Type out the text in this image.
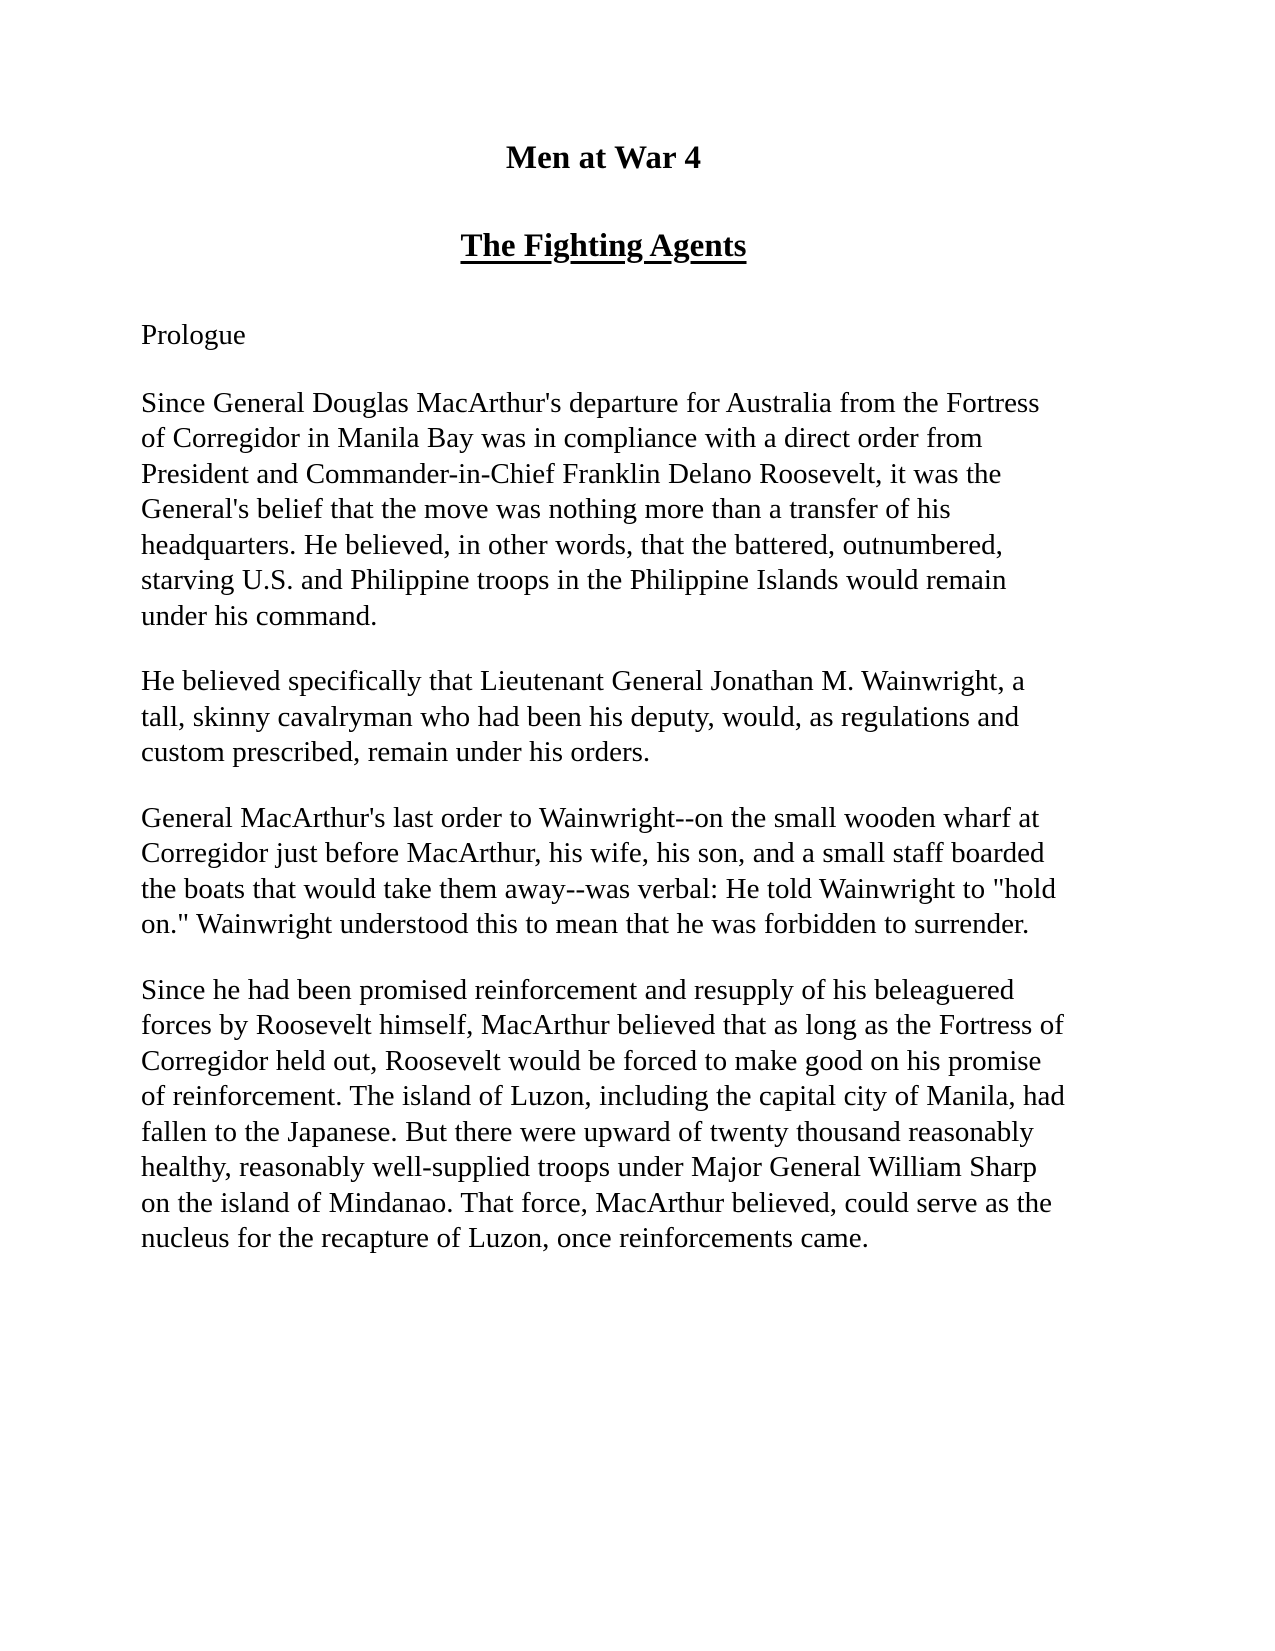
Men at War 4
The Fighting Agents

Prologue

Since General Douglas MacArthur's departure for Australia from the Fortress of Corregidor in Manila Bay was in compliance with a direct order from President and Commander-in-Chief Franklin Delano Roosevelt, it was the General's belief that the move was nothing more than a transfer of his headquarters. He believed, in other words, that the battered, outnumbered, starving U.S. and Philippine troops in the Philippine Islands would remain under his command.

He believed specifically that Lieutenant General Jonathan M. Wainwright, a tall, skinny cavalryman who had been his deputy, would, as regulations and custom prescribed, remain under his orders.

General MacArthur's last order to Wainwright--on the small wooden wharf at Corregidor just before MacArthur, his wife, his son, and a small staff boarded the boats that would take them away--was verbal: He told Wainwright to "hold on." Wainwright understood this to mean that he was forbidden to surrender.

Since he had been promised reinforcement and resupply of his beleaguered forces by Roosevelt himself, MacArthur believed that as long as the Fortress of Corregidor held out, Roosevelt would be forced to make good on his promise of reinforcement. The island of Luzon, including the capital city of Manila, had fallen to the Japanese. But there were upward of twenty thousand reasonably healthy, reasonably well-supplied troops under Major General William Sharp on the island of Mindanao. That force, MacArthur believed, could serve as the nucleus for the recapture of Luzon, once reinforcements came.
